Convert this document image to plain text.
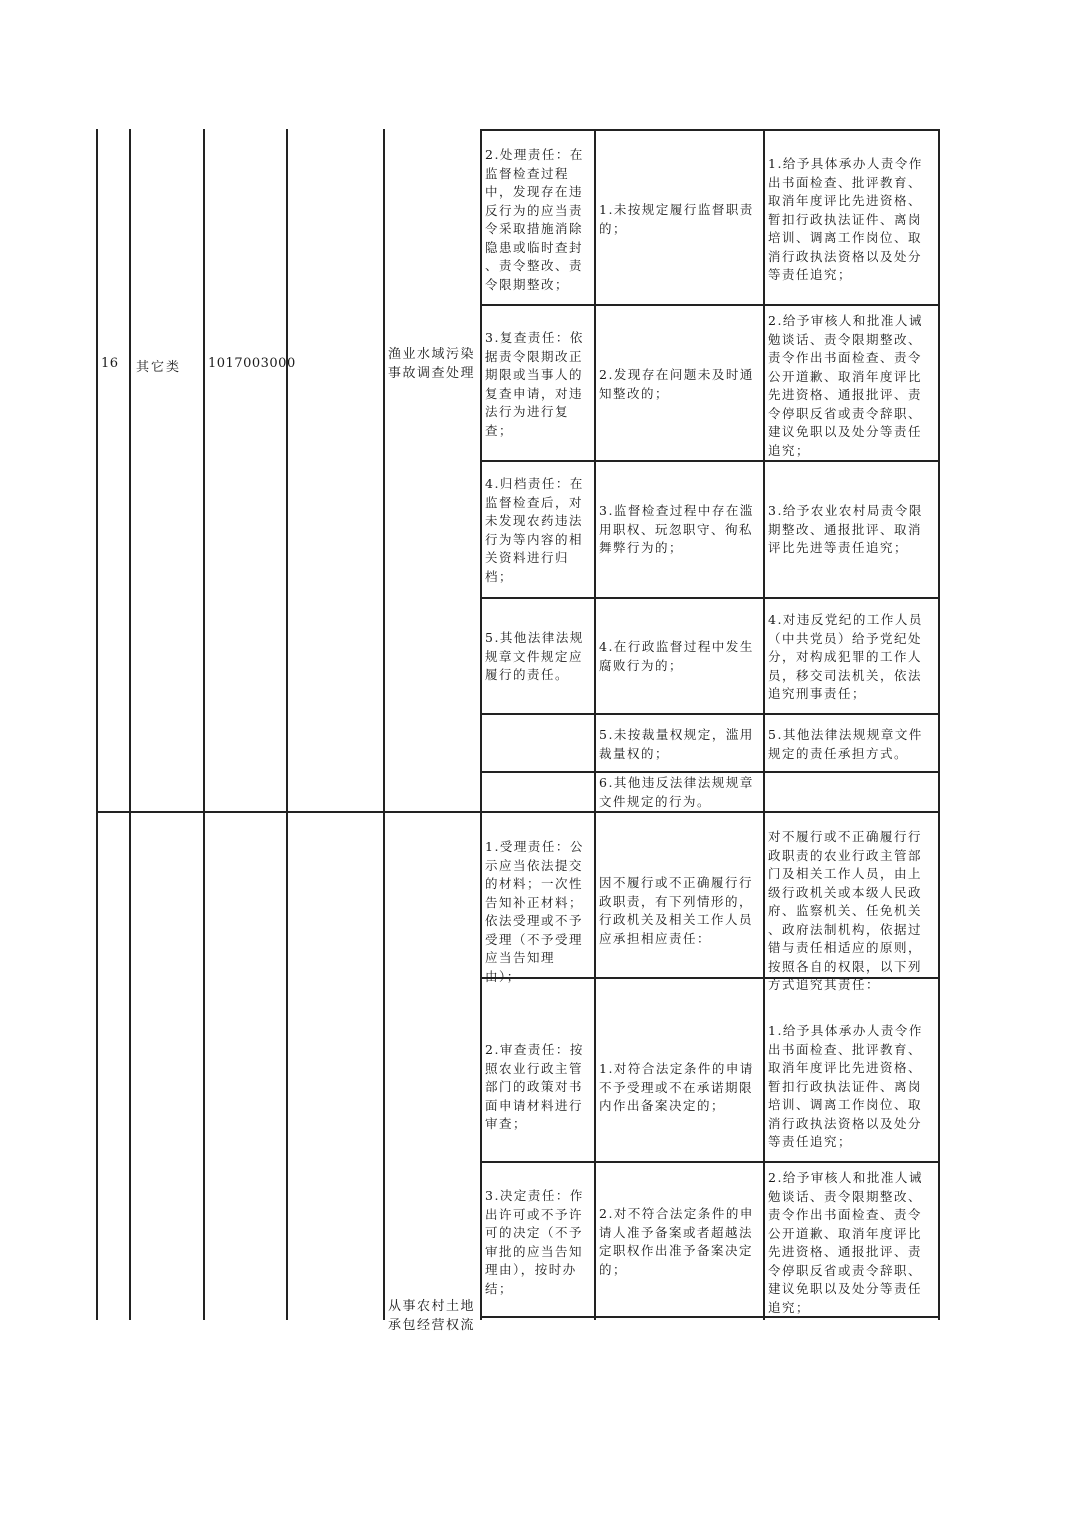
16 其它类 1017003000
渔业水域污染
事故调查处理
2.处理责任：在
监督检查过程
中，发现存在违
反行为的应当责
令采取措施消除
隐患或临时查封
、责令整改、责
令限期整改；
1.未按规定履行监督职责
的；
1.给予具体承办人责令作
出书面检查、批评教育、
取消年度评比先进资格、
暂扣行政执法证件、离岗
培训、调离工作岗位、取
消行政执法资格以及处分
等责任追究；
3.复查责任：依
据责令限期改正
期限或当事人的
复查申请，对违
法行为进行复
查；
2.发现存在问题未及时通
知整改的；
2.给予审核人和批准人诫
勉谈话、责令限期整改、
责令作出书面检查、责令
公开道歉、取消年度评比
先进资格、通报批评、责
令停职反省或责令辞职、
建议免职以及处分等责任
追究；
4.归档责任：在
监督检查后，对
未发现农药违法
行为等内容的相
关资料进行归
档；
3.监督检查过程中存在滥
用职权、玩忽职守、徇私
舞弊行为的；
3.给予农业农村局责令限
期整改、通报批评、取消
评比先进等责任追究；
5.其他法律法规
规章文件规定应
履行的责任。
4.在行政监督过程中发生
腐败行为的；
4.对违反党纪的工作人员
（中共党员）给予党纪处
分，对构成犯罪的工作人
员，移交司法机关，依法
追究刑事责任；
5.未按裁量权规定，滥用
裁量权的；
5.其他法律法规规章文件
规定的责任承担方式。
6.其他违反法律法规规章
文件规定的行为。
从事农村土地
承包经营权流
1.受理责任：公
示应当依法提交
的材料；一次性
告知补正材料；
依法受理或不予
受理（不予受理
应当告知理
由）；
因不履行或不正确履行行
政职责，有下列情形的，
行政机关及相关工作人员
应承担相应责任：
对不履行或不正确履行行
政职责的农业行政主管部
门及相关工作人员，由上
级行政机关或本级人民政
府、监察机关、任免机关
、政府法制机构，依据过
错与责任相适应的原则，
按照各自的权限，以下列
方式追究其责任：
2.审查责任：按
照农业行政主管
部门的政策对书
面申请材料进行
审查；
1.对符合法定条件的申请
不予受理或不在承诺期限
内作出备案决定的；
1.给予具体承办人责令作
出书面检查、批评教育、
取消年度评比先进资格、
暂扣行政执法证件、离岗
培训、调离工作岗位、取
消行政执法资格以及处分
等责任追究；
3.决定责任：作
出许可或不予许
可的决定（不予
审批的应当告知
理由），按时办
结；
2.对不符合法定条件的申
请人准予备案或者超越法
定职权作出准予备案决定
的；
2.给予审核人和批准人诫
勉谈话、责令限期整改、
责令作出书面检查、责令
公开道歉、取消年度评比
先进资格、通报批评、责
令停职反省或责令辞职、
建议免职以及处分等责任
追究；
